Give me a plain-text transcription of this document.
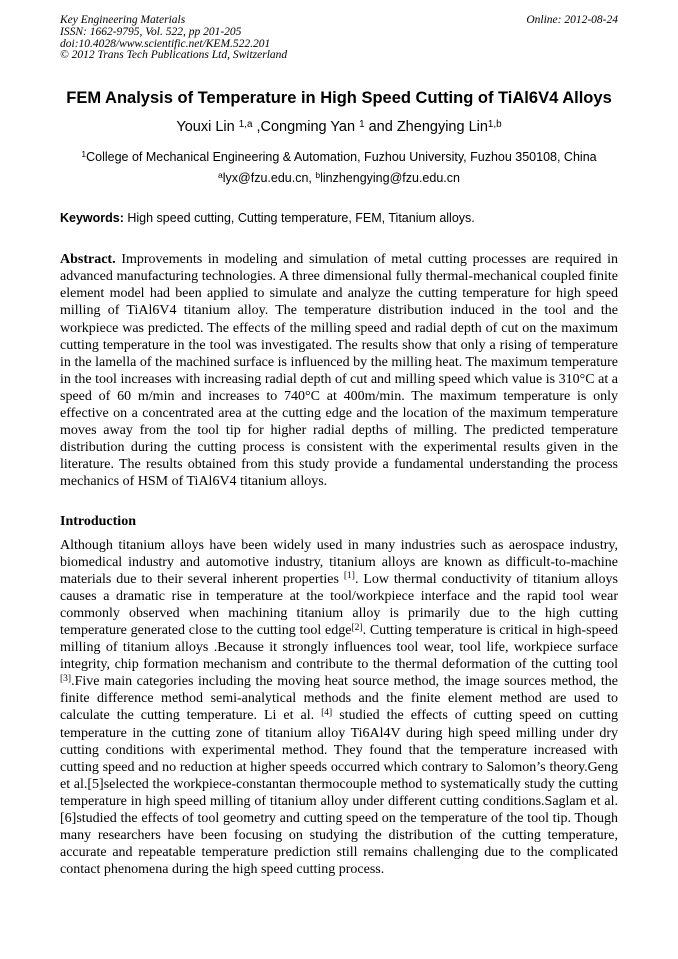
Key Engineering Materials
ISSN: 1662-9795, Vol. 522, pp 201-205
doi:10.4028/www.scientific.net/KEM.522.201
© 2012 Trans Tech Publications Ltd, Switzerland
Online: 2012-08-24
FEM Analysis of Temperature in High Speed Cutting of TiAl6V4 Alloys
Youxi Lin $^{1,a}$ ,Congming Yan $^1$ and Zhengying Lin$^{1,b}$
$^1$College of Mechanical Engineering & Automation, Fuzhou University, Fuzhou 350108, China
$^a$lyx@fzu.edu.cn, $^b$linzhengying@fzu.edu.cn
Keywords: High speed cutting, Cutting temperature, FEM, Titanium alloys.
Abstract. Improvements in modeling and simulation of metal cutting processes are required in advanced manufacturing technologies. A three dimensional fully thermal-mechanical coupled finite element model had been applied to simulate and analyze the cutting temperature for high speed milling of TiAl6V4 titanium alloy. The temperature distribution induced in the tool and the workpiece was predicted. The effects of the milling speed and radial depth of cut on the maximum cutting temperature in the tool was investigated. The results show that only a rising of temperature in the lamella of the machined surface is influenced by the milling heat. The maximum temperature in the tool increases with increasing radial depth of cut and milling speed which value is 310°C at a speed of 60 m/min and increases to 740°C at 400m/min. The maximum temperature is only effective on a concentrated area at the cutting edge and the location of the maximum temperature moves away from the tool tip for higher radial depths of milling. The predicted temperature distribution during the cutting process is consistent with the experimental results given in the literature. The results obtained from this study provide a fundamental understanding the process mechanics of HSM of TiAl6V4 titanium alloys.
Introduction
Although titanium alloys have been widely used in many industries such as aerospace industry, biomedical industry and automotive industry, titanium alloys are known as difficult-to-machine materials due to their several inherent properties [1]. Low thermal conductivity of titanium alloys causes a dramatic rise in temperature at the tool/workpiece interface and the rapid tool wear commonly observed when machining titanium alloy is primarily due to the high cutting temperature generated close to the cutting tool edge[2]. Cutting temperature is critical in high-speed milling of titanium alloys .Because it strongly influences tool wear, tool life, workpiece surface integrity, chip formation mechanism and contribute to the thermal deformation of the cutting tool [3].Five main categories including the moving heat source method, the image sources method, the finite difference method semi-analytical methods and the finite element method are used to calculate the cutting temperature. Li et al. [4] studied the effects of cutting speed on cutting temperature in the cutting zone of titanium alloy Ti6Al4V during high speed milling under dry cutting conditions with experimental method. They found that the temperature increased with cutting speed and no reduction at higher speeds occurred which contrary to Salomon’s theory.Geng et al.[5]selected the workpiece-constantan thermocouple method to systematically study the cutting temperature in high speed milling of titanium alloy under different cutting conditions.Saglam et al.[6]studied the effects of tool geometry and cutting speed on the temperature of the tool tip. Though many researchers have been focusing on studying the distribution of the cutting temperature, accurate and repeatable temperature prediction still remains challenging due to the complicated contact phenomena during the high speed cutting process.
